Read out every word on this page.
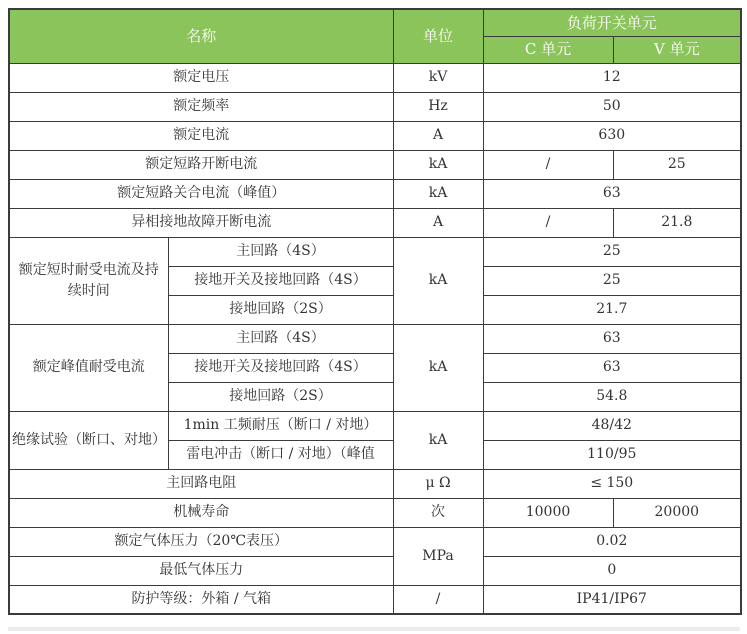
名称		单位	负荷开关单元	
			C 单元	V 单元
额定电压		kV	12	
额定频率		Hz	50	
额定电流		A	630	
额定短路开断电流		kA	/	25
额定短路关合电流（峰值）		kA	63	
异相接地故障开断电流		A	/	21.8
额定短时耐受电流及持续时间	主回路（4S）	kA	25	
	接地开关及接地回路（4S）		25	
	接地回路（2S）		21.7	
额定峰值耐受电流	主回路（4S）	kA	63	
	接地开关及接地回路（4S）		63	
	接地回路（2S）		54.8	
绝缘试验（断口、对地）	1min 工频耐压（断口 / 对地）	kA	48/42	
	雷电冲击（断口 / 对地）（峰值		110/95	
主回路电阻		μ Ω	≤ 150	
机械寿命		次	10000	20000
额定气体压力（20℃表压）		MPa	0.02	
最低气体压力			0	
防护等级：外箱 / 气箱		/	IP41/IP67	
